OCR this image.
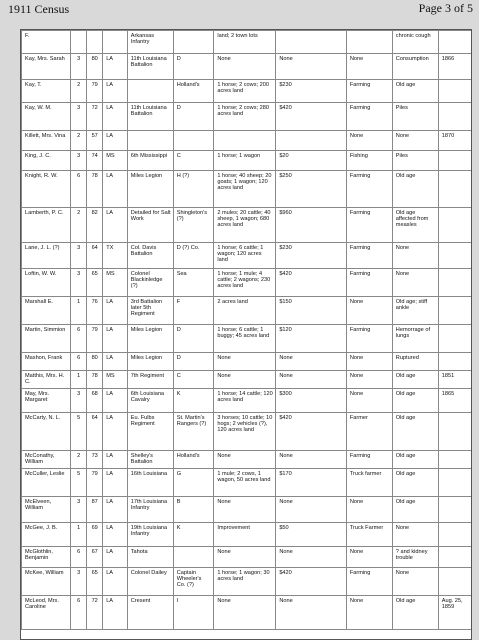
1911 Census	Page 3 of 5
F.				Arkansas Infantry		land; 2 town lots			chronic cough	
Kay, Mrs. Sarah	3	80	LA	11th Louisiana Battalion	D	None	None	None	Consumption	1866
Kay, T.	2	79	LA		Holland's	1 horse; 2 cows; 200 acres land	$230	Farming	Old age	
Kay, W. M.	3	72	LA	11th Louisiana Battalion	D	1 horse; 2 cows; 280 acres land	$420	Farming	Piles	
Killett, Mrs. Vina	2	57	LA					None	None	1870
King, J. C.	3	74	MS	6th Mississippi	C	1 horse; 1 wagon	$20	Fishing	Piles	
Knight, R. W.	6	78	LA	Miles Legion	H (?)	1 horse; 40 sheep; 20 goats; 1 wagon; 120 acres land	$250	Farming	Old age	
Lamberth, P. C.	2	82	LA	Detailed for Salt Work	Shingleton's (?)	2 mules; 20 cattle; 40 sheep, 1 wagon; 680 acres land	$960	Farming	Old age affected from measles	
Lane, J. L. (?)	3	64	TX	Col. Davis Battalion	D (?) Co.	1 horse; 6 cattle; 1 wagon; 120 acres land	$230	Farming	None	
Loftin, W. W.	3	65	MS	Colonel Blackinledge (?)	Sea	1 horse; 1 mule; 4 cattle; 2 wagons; 230 acres land	$420	Farming	None	
Marshall E.	1	76	LA	3rd Battalion later 5th Regiment	F	2 acres land	$150	None	Old age; stiff ankle	
Martin, Simmion	6	79	LA	Miles Legion	D	1 horse; 6 cattle; 1 buggy; 45 acres land	$120	Farming	Hemorrage of lungs	
Mashon, Frank	6	80	LA	Miles Legion	D	None	None	None	Ruptured	
Matthis, Mrs. H. C.	1	78	MS	7th Regiment	C	None	None	None	Old age	1851
May, Mrs. Margaret	3	68	LA	6th Louisiana Cavalry	K	1 horse; 14 cattle; 120 acres land	$300	None	Old age	1865
McCarty, N. L.	5	64	LA	Eu. Fulbs Regiment	St. Martin's Rangers (?)	3 horses; 10 cattle; 10 hogs; 2 vehicles (?), 120 acres land	$420	Farmer	Old age	
McConathy, William	2	73	LA	Shelley's Battalion	Holland's	None	None	Farming	Old age	
McCuller, Leslie	5	79	LA	16th Louisiana	G	1 mule; 2 cows, 1 wagon, 50 acres land	$170	Truck farmer	Old age	
McElveen, William	3	87	LA	17th Louisiana Infantry	B	None	None	None	Old age	
McGee, J. B.	1	69	LA	19th Louisiana Infantry	K	Improvement	$50	Truck Farmer	None	
McGlothlin, Benjamin	6	67	LA	Tahota		None	None	None	? and kidney trouble	
McKee, William	3	65	LA	Colonel Dailey	Captain Wheeler's Co. (?)	1 horse; 1 wagon; 30 acres land	$420	Farming	None	
McLeod, Mrs. Caroline	6	72	LA	Cresent	I	None	None	None	Old age	Aug. 25, 1859
